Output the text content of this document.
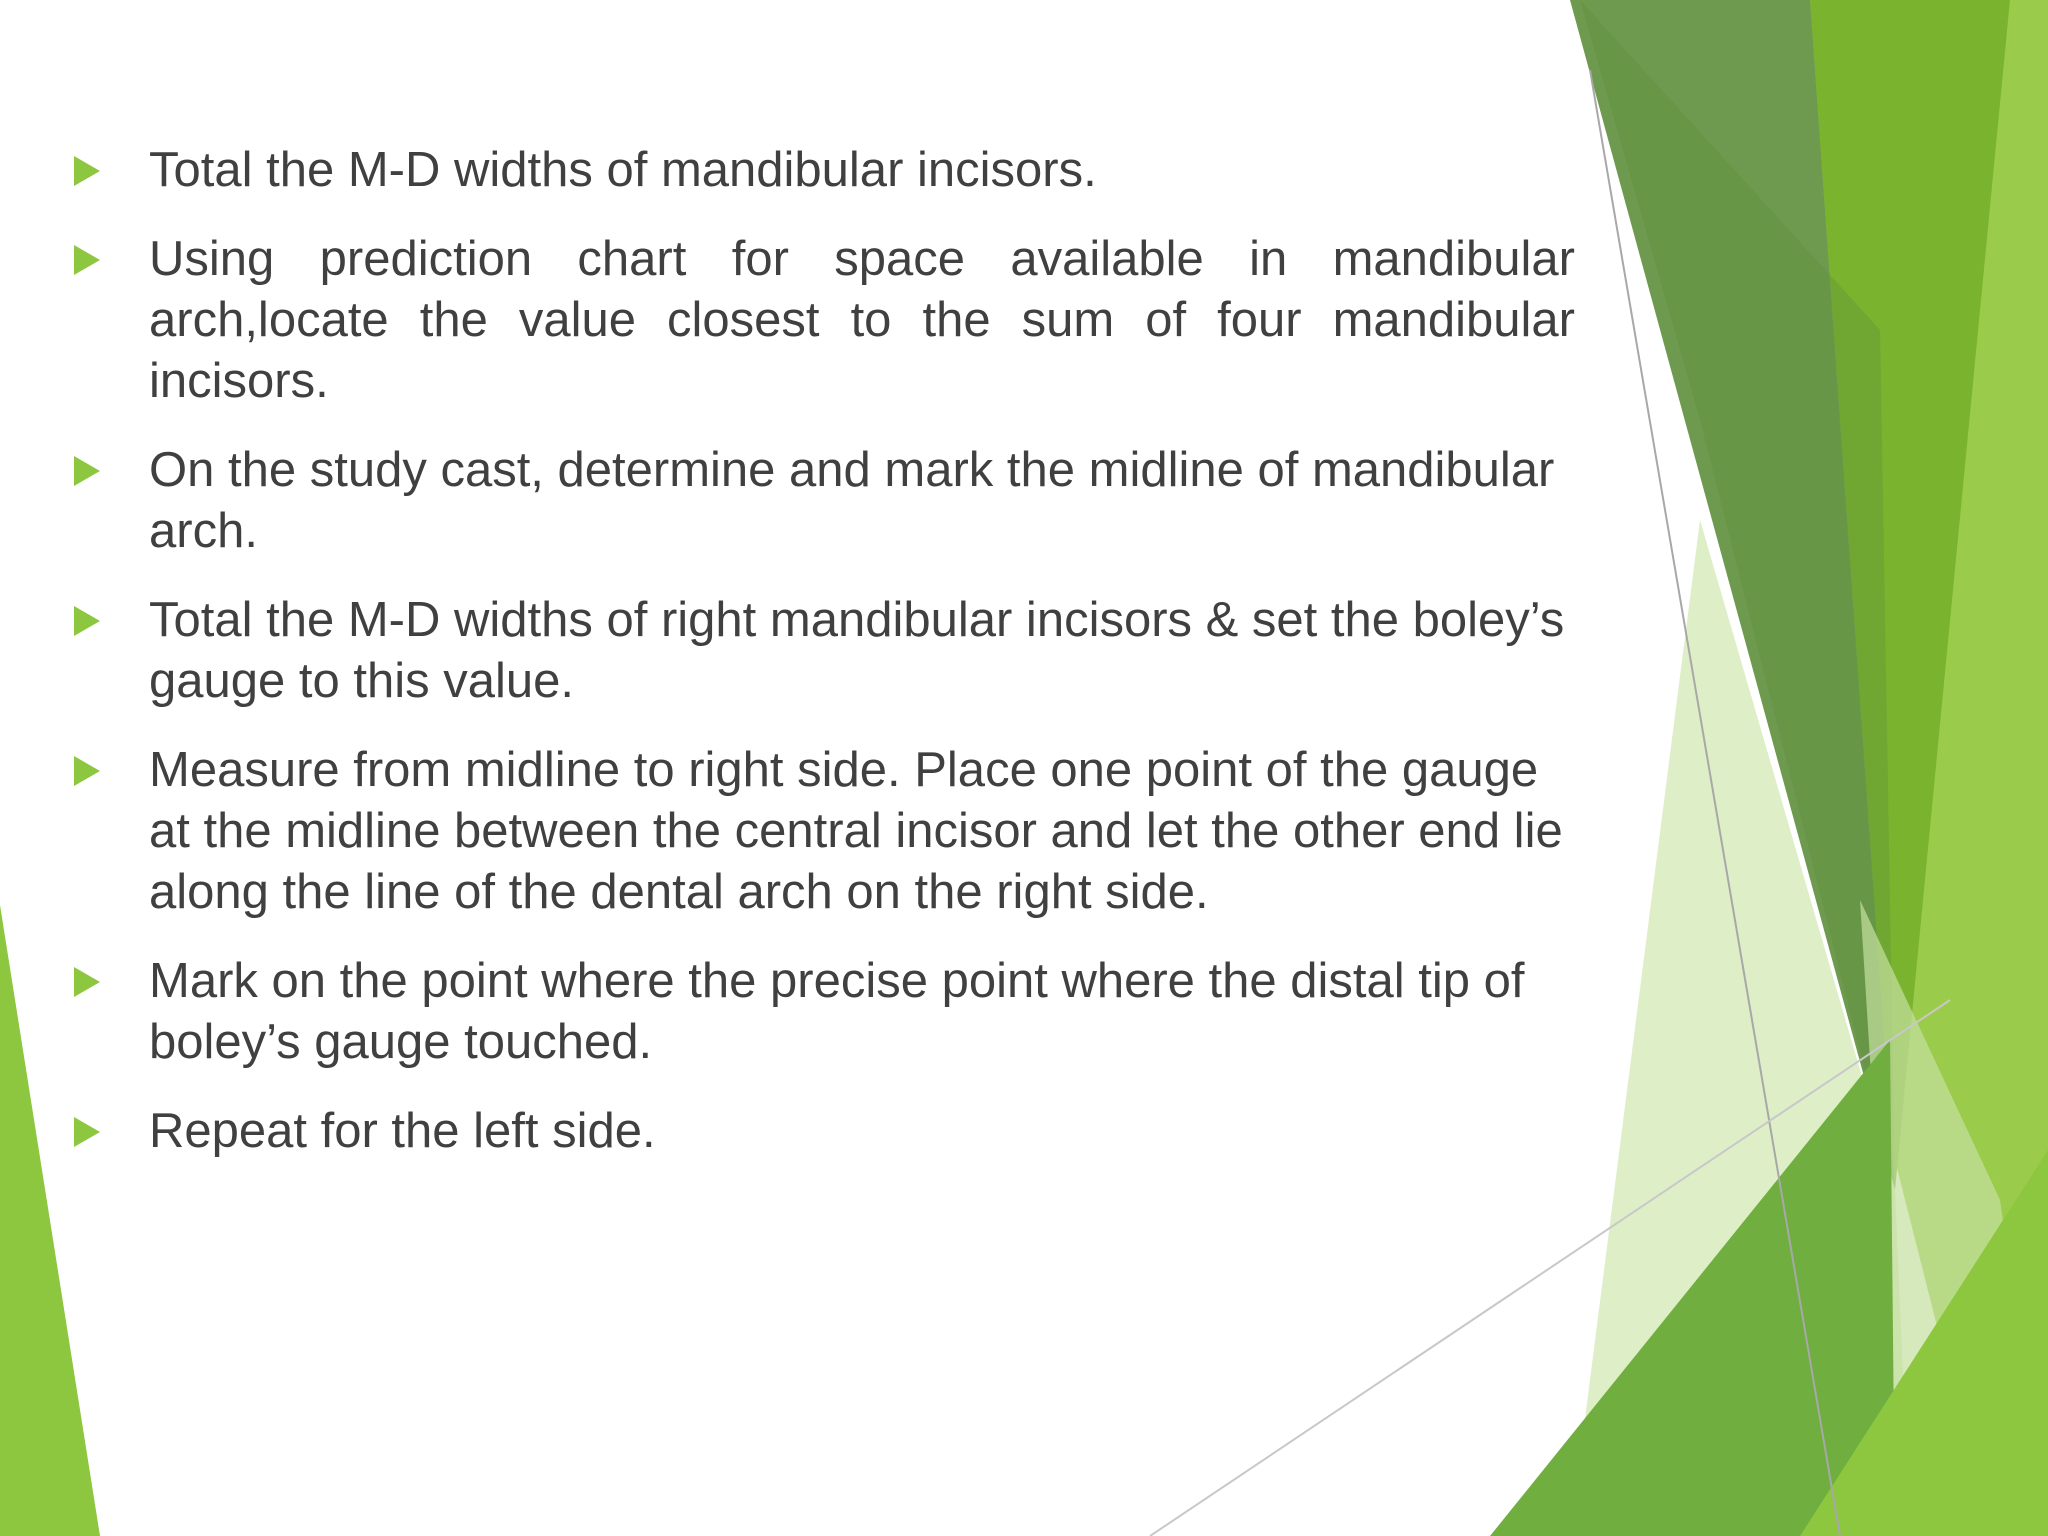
Total the M-D widths of mandibular incisors.
Using prediction chart for space available in mandibular arch,locate the value closest to the sum of four mandibular incisors.
On the study cast, determine and mark the midline of mandibular arch.
Total the M-D widths of right mandibular incisors & set the boley’s gauge to this value.
Measure from midline to right side. Place one point of the gauge at the midline between the central incisor and let the other end lie along the line of the dental arch on the right side.
Mark on the point where the precise point where the distal tip of boley’s gauge touched.
Repeat for the left side.
